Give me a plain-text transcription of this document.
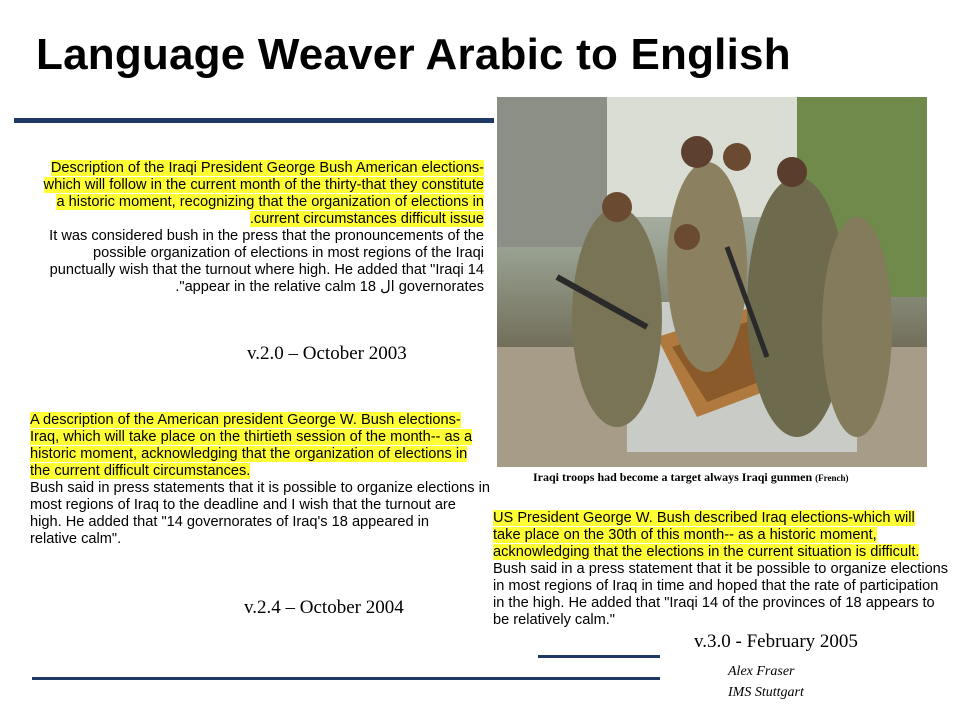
Language Weaver Arabic to English
Description of the Iraqi President George Bush American elections-
which will follow in the current month of the thirty-that they constitute
a historic moment, recognizing that the organization of elections in
.current circumstances difficult issue
It was considered bush in the press that the pronouncements of the
possible organization of elections in most regions of the Iraqi
punctually wish that the turnout where high. He added that "Iraqi 14
."appear in the relative calm 18 ال governorates
v.2.0 – October 2003
A description of the American president George W. Bush elections-
Iraq, which will take place on the thirtieth session of the month-- as a
historic moment, acknowledging that the organization of elections in
the current difficult circumstances.
Bush said in press statements that it is possible to organize elections in
most regions of Iraq to the deadline and I wish that the turnout are
high. He added that "14 governorates of Iraq's 18 appeared in
relative calm".
v.2.4 – October 2004
Iraqi troops had become a target always Iraqi gunmen (French)
US President George W. Bush described Iraq elections-which will
take place on the 30th of this month-- as a historic moment,
acknowledging that the elections in the current situation is difficult.
Bush said in a press statement that it be possible to organize elections
in most regions of Iraq in time and hoped that the rate of participation
in the high. He added that "Iraqi 14 of the provinces of 18 appears to
be relatively calm."
v.3.0 - February 2005
Alex Fraser
IMS Stuttgart
